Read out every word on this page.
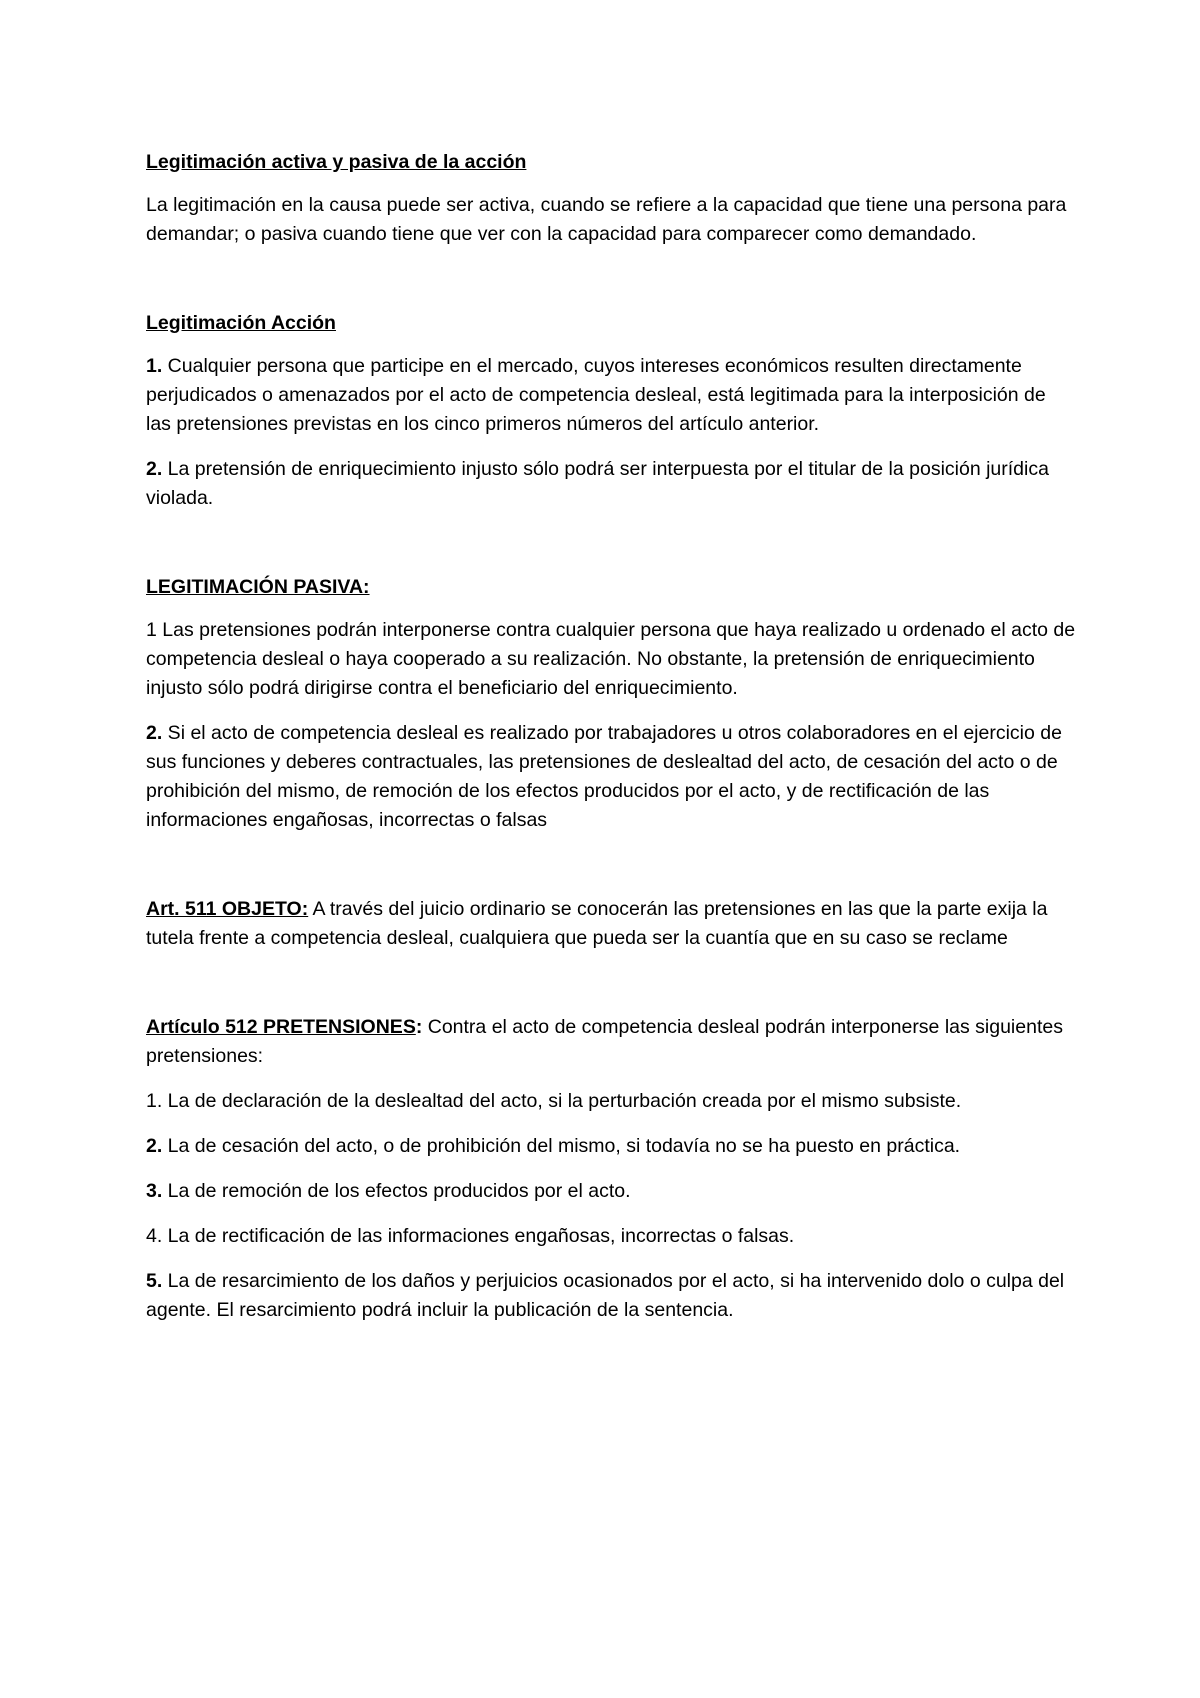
Legitimación activa y pasiva de la acción

La legitimación en la causa puede ser activa, cuando se refiere a la capacidad que tiene una persona para demandar; o pasiva cuando tiene que ver con la capacidad para comparecer como demandado.

Legitimación Acción

1. Cualquier persona que participe en el mercado, cuyos intereses económicos resulten directamente perjudicados o amenazados por el acto de competencia desleal, está legitimada para la interposición de las pretensiones previstas en los cinco primeros números del artículo anterior.

2. La pretensión de enriquecimiento injusto sólo podrá ser interpuesta por el titular de la posición jurídica violada.

LEGITIMACIÓN PASIVA:

1 Las pretensiones podrán interponerse contra cualquier persona que haya realizado u ordenado el acto de competencia desleal o haya cooperado a su realización. No obstante, la pretensión de enriquecimiento injusto sólo podrá dirigirse contra el beneficiario del enriquecimiento.

2. Si el acto de competencia desleal es realizado por trabajadores u otros colaboradores en el ejercicio de sus funciones y deberes contractuales, las pretensiones de deslealtad del acto, de cesación del acto o de prohibición del mismo, de remoción de los efectos producidos por el acto, y de rectificación de las informaciones engañosas, incorrectas o falsas

Art. 511 OBJETO: A través del juicio ordinario se conocerán las pretensiones en las que la parte exija la tutela frente a competencia desleal, cualquiera que pueda ser la cuantía que en su caso se reclame

Artículo 512 PRETENSIONES: Contra el acto de competencia desleal podrán interponerse las siguientes pretensiones:

1. La de declaración de la deslealtad del acto, si la perturbación creada por el mismo subsiste.

2. La de cesación del acto, o de prohibición del mismo, si todavía no se ha puesto en práctica.

3. La de remoción de los efectos producidos por el acto.

4. La de rectificación de las informaciones engañosas, incorrectas o falsas.

5. La de resarcimiento de los daños y perjuicios ocasionados por el acto, si ha intervenido dolo o culpa del agente. El resarcimiento podrá incluir la publicación de la sentencia.
